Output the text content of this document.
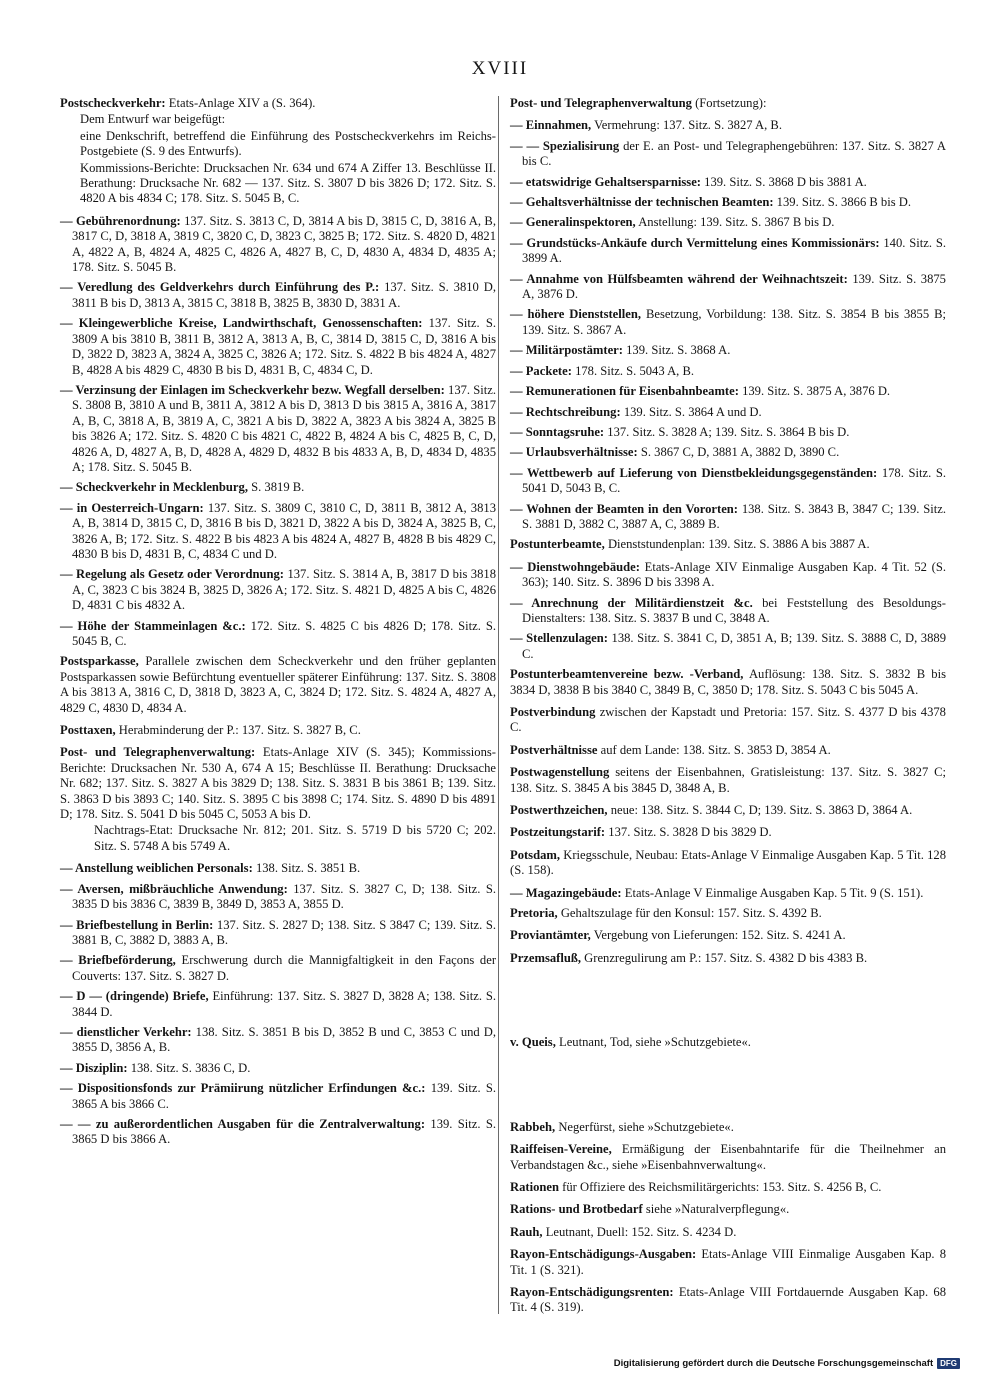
XVIII
Postscheckverkehr: Etats-Anlage XIV a (S. 364).
Dem Entwurf war beigefügt:
eine Denkschrift, betreffend die Einführung des Postscheckverkehrs im Reichs-Postgebiete (S. 9 des Entwurfs).
Kommissions-Berichte: Drucksachen Nr. 634 und 674 A Ziffer 13. Beschlüsse II. Berathung: Drucksache Nr. 682 — 137. Sitz. S. 3807 D bis 3826 D; 172. Sitz. S. 4820 A bis 4834 C; 178. Sitz. S. 5045 B, C.
— Gebührenordnung: 137. Sitz. S. 3813 C, D, 3814 A bis D, 3815 C, D, 3816 A, B, 3817 C, D, 3818 A, 3819 C, 3820 C, D, 3823 C, 3825 B; 172. Sitz. S. 4820 D, 4821 A, 4822 A, B, 4824 A, 4825 C, 4826 A, 4827 B, C, D, 4830 A, 4834 D, 4835 A; 178. Sitz. S. 5045 B.
— Veredlung des Geldverkehrs durch Einführung des P.: 137. Sitz. S. 3810 D, 3811 B bis D, 3813 A, 3815 C, 3818 B, 3825 B, 3830 D, 3831 A.
— Kleingewerbliche Kreise, Landwirthschaft, Genossenschaften: 137. Sitz. S. 3809 A bis 3810 B, 3811 B, 3812 A, 3813 A, B, C, 3814 D, 3815 C, D, 3816 A bis D, 3822 D, 3823 A, 3824 A, 3825 C, 3826 A; 172. Sitz. S. 4822 B bis 4824 A, 4827 B, 4828 A bis 4829 C, 4830 B bis D, 4831 B, C, 4834 C, D.
— Verzinsung der Einlagen im Scheckverkehr bezw. Wegfall derselben: 137. Sitz. S. 3808 B, 3810 A und B, 3811 A, 3812 A bis D, 3813 D bis 3815 A, 3816 A, 3817 A, B, C, 3818 A, B, 3819 A, C, 3821 A bis D, 3822 A, 3823 A bis 3824 A, 3825 B bis 3826 A; 172. Sitz. S. 4820 C bis 4821 C, 4822 B, 4824 A bis C, 4825 B, C, D, 4826 A, D, 4827 A, B, D, 4828 A, 4829 D, 4832 B bis 4833 A, B, D, 4834 D, 4835 A; 178. Sitz. S. 5045 B.
— Scheckverkehr in Mecklenburg, S. 3819 B.
— in Oesterreich-Ungarn: 137. Sitz. S. 3809 C, 3810 C, D, 3811 B, 3812 A, 3813 A, B, 3814 D, 3815 C, D, 3816 B bis D, 3821 D, 3822 A bis D, 3824 A, 3825 B, C, 3826 A, B; 172. Sitz. S. 4822 B bis 4823 A bis 4824 A, 4827 B, 4828 B bis 4829 C, 4830 B bis D, 4831 B, C, 4834 C und D.
— Regelung als Gesetz oder Verordnung: 137. Sitz. S. 3814 A, B, 3817 D bis 3818 A, C, 3823 C bis 3824 B, 3825 D, 3826 A; 172. Sitz. S. 4821 D, 4825 A bis C, 4826 D, 4831 C bis 4832 A.
— Höhe der Stammeinlagen &c.: 172. Sitz. S. 4825 C bis 4826 D; 178. Sitz. S. 5045 B, C.
Postsparkasse, Parallele zwischen dem Scheckverkehr und den früher geplanten Postsparkassen sowie Befürchtung eventueller späterer Einführung: 137. Sitz. S. 3808 A bis 3813 A, 3816 C, D, 3818 D, 3823 A, C, 3824 D; 172. Sitz. S. 4824 A, 4827 A, 4829 C, 4830 D, 4834 A.
Posttaxen, Herabminderung der P.: 137. Sitz. S. 3827 B, C.
Post- und Telegraphenverwaltung: Etats-Anlage XIV (S. 345); Kommissions-Berichte: Drucksachen Nr. 530 A, 674 A 15; Beschlüsse II. Berathung: Drucksache Nr. 682; 137. Sitz. S. 3827 A bis 3829 D; 138. Sitz. S. 3831 B bis 3861 B; 139. Sitz. S. 3863 D bis 3893 C; 140. Sitz. S. 3895 C bis 3898 C; 174. Sitz. S. 4890 D bis 4891 D; 178. Sitz. S. 5041 D bis 5045 C, 5053 A bis D.
Nachtrags-Etat: Drucksache Nr. 812; 201. Sitz. S. 5719 D bis 5720 C; 202. Sitz. S. 5748 A bis 5749 A.
— Anstellung weiblichen Personals: 138. Sitz. S. 3851 B.
— Aversen, mißbräuchliche Anwendung: 137. Sitz. S. 3827 C, D; 138. Sitz. S. 3835 D bis 3836 C, 3839 B, 3849 D, 3853 A, 3855 D.
— Briefbestellung in Berlin: 137. Sitz. S. 2827 D; 138. Sitz. S 3847 C; 139. Sitz. S. 3881 B, C, 3882 D, 3883 A, B.
— Briefbeförderung, Erschwerung durch die Mannigfaltigkeit in den Façons der Couverts: 137. Sitz. S. 3827 D.
— D — (dringende) Briefe, Einführung: 137. Sitz. S. 3827 D, 3828 A; 138. Sitz. S. 3844 D.
— dienstlicher Verkehr: 138. Sitz. S. 3851 B bis D, 3852 B und C, 3853 C und D, 3855 D, 3856 A, B.
— Disziplin: 138. Sitz. S. 3836 C, D.
— Dispositionsfonds zur Prämiirung nützlicher Erfindungen &c.: 139. Sitz. S. 3865 A bis 3866 C.
— — zu außerordentlichen Ausgaben für die Zentralverwaltung: 139. Sitz. S. 3865 D bis 3866 A.
Post- und Telegraphenverwaltung (Fortsetzung):
— Einnahmen, Vermehrung: 137. Sitz. S. 3827 A, B.
— — Spezialisirung der E. an Post- und Telegraphengebühren: 137. Sitz. S. 3827 A bis C.
— etatswidrige Gehaltsersparnisse: 139. Sitz. S. 3868 D bis 3881 A.
— Gehaltsverhältnisse der technischen Beamten: 139. Sitz. S. 3866 B bis D.
— Generalinspektoren, Anstellung: 139. Sitz. S. 3867 B bis D.
— Grundstücks-Ankäufe durch Vermittelung eines Kommissionärs: 140. Sitz. S. 3899 A.
— Annahme von Hülfsbeamten während der Weihnachtszeit: 139. Sitz. S. 3875 A, 3876 D.
— höhere Dienststellen, Besetzung, Vorbildung: 138. Sitz. S. 3854 B bis 3855 B; 139. Sitz. S. 3867 A.
— Militärpostämter: 139. Sitz. S. 3868 A.
— Packete: 178. Sitz. S. 5043 A, B.
— Remunerationen für Eisenbahnbeamte: 139. Sitz. S. 3875 A, 3876 D.
— Rechtschreibung: 139. Sitz. S. 3864 A und D.
— Sonntagsruhe: 137. Sitz. S. 3828 A; 139. Sitz. S. 3864 B bis D.
— Urlaubsverhältnisse: S. 3867 C, D, 3881 A, 3882 D, 3890 C.
— Wettbewerb auf Lieferung von Dienstbekleidungsgegenständen: 178. Sitz. S. 5041 D, 5043 B, C.
— Wohnen der Beamten in den Vororten: 138. Sitz. S. 3843 B, 3847 C; 139. Sitz. S. 3881 D, 3882 C, 3887 A, C, 3889 B.
Postunterbeamte, Dienststundenplan: 139. Sitz. S. 3886 A bis 3887 A.
— Dienstwohngebäude: Etats-Anlage XIV Einmalige Ausgaben Kap. 4 Tit. 52 (S. 363); 140. Sitz. S. 3896 D bis 3398 A.
— Anrechnung der Militärdienstzeit &c. bei Feststellung des Besoldungs-Dienstalters: 138. Sitz. S. 3837 B und C, 3848 A.
— Stellenzulagen: 138. Sitz. S. 3841 C, D, 3851 A, B; 139. Sitz. S. 3888 C, D, 3889 C.
Postunterbeamtenvereine bezw. -Verband, Auflösung: 138. Sitz. S. 3832 B bis 3834 D, 3838 B bis 3840 C, 3849 B, C, 3850 D; 178. Sitz. S. 5043 C bis 5045 A.
Postverbindung zwischen der Kapstadt und Pretoria: 157. Sitz. S. 4377 D bis 4378 C.
Postverhältnisse auf dem Lande: 138. Sitz. S. 3853 D, 3854 A.
Postwagenstellung seitens der Eisenbahnen, Gratisleistung: 137. Sitz. S. 3827 C; 138. Sitz. S. 3845 A bis 3845 D, 3848 A, B.
Postwerthzeichen, neue: 138. Sitz. S. 3844 C, D; 139. Sitz. S. 3863 D, 3864 A.
Postzeitungstarif: 137. Sitz. S. 3828 D bis 3829 D.
Potsdam, Kriegsschule, Neubau: Etats-Anlage V Einmalige Ausgaben Kap. 5 Tit. 128 (S. 158).
— Magazingebäude: Etats-Anlage V Einmalige Ausgaben Kap. 5 Tit. 9 (S. 151).
Pretoria, Gehaltszulage für den Konsul: 157. Sitz. S. 4392 B.
Proviantämter, Vergebung von Lieferungen: 152. Sitz. S. 4241 A.
Przemsafluß, Grenzregulirung am P.: 157. Sitz. S. 4382 D bis 4383 B.
v. Queis, Leutnant, Tod, siehe »Schutzgebiete«.
Rabbeh, Negerfürst, siehe »Schutzgebiete«.
Raiffeisen-Vereine, Ermäßigung der Eisenbahntarife für die Theilnehmer an Verbandstagen &c., siehe »Eisenbahnverwaltung«.
Rationen für Offiziere des Reichsmilitärgerichts: 153. Sitz. S. 4256 B, C.
Rations- und Brotbedarf siehe »Naturalverpflegung«.
Rauh, Leutnant, Duell: 152. Sitz. S. 4234 D.
Rayon-Entschädigungs-Ausgaben: Etats-Anlage VIII Einmalige Ausgaben Kap. 8 Tit. 1 (S. 321).
Rayon-Entschädigungsrenten: Etats-Anlage VIII Fortdauernde Ausgaben Kap. 68 Tit. 4 (S. 319).
Digitalisierung gefördert durch die Deutsche Forschungsgemeinschaft DFG
